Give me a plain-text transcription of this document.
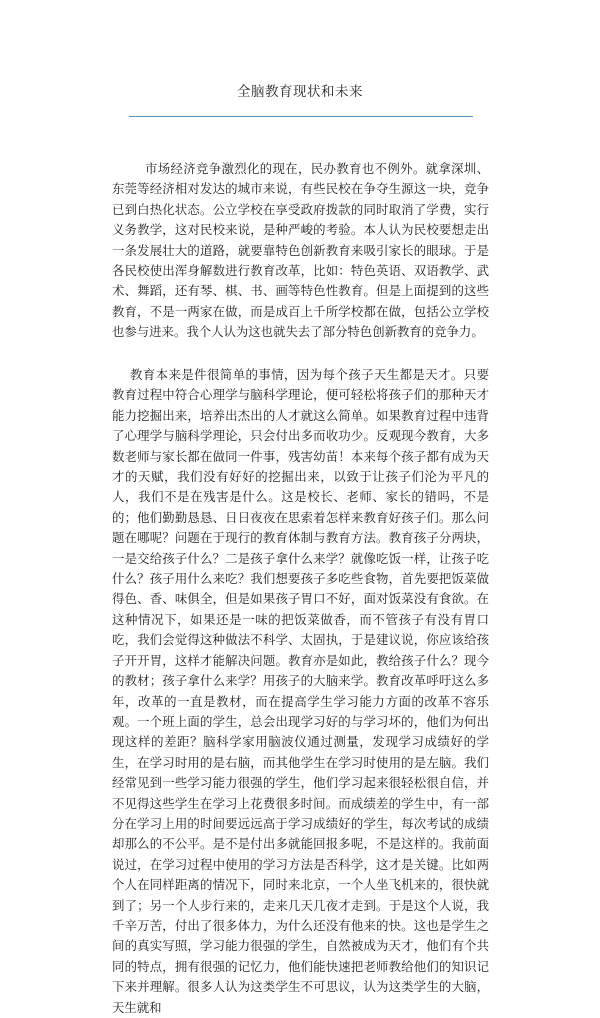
全脑教育现状和未来

市场经济竞争激烈化的现在，民办教育也不例外。就拿深圳、东莞等经济相对发达的城市来说，有些民校在争夺生源这一块，竞争已到白热化状态。公立学校在享受政府拨款的同时取消了学费，实行义务教学，这对民校来说，是种严峻的考验。本人认为民校要想走出一条发展壮大的道路，就要靠特色创新教育来吸引家长的眼球。于是各民校使出浑身解数进行教育改革，比如：特色英语、双语教学、武术、舞蹈，还有琴、棋、书、画等特色性教育。但是上面提到的这些教育，不是一两家在做，而是成百上千所学校都在做，包括公立学校也参与进来。我个人认为这也就失去了部分特色创新教育的竞争力。

教育本来是件很简单的事情，因为每个孩子天生都是天才。只要教育过程中符合心理学与脑科学理论，便可轻松将孩子们的那种天才能力挖掘出来，培养出杰出的人才就这么简单。如果教育过程中违背了心理学与脑科学理论，只会付出多而收功少。反观现今教育，大多数老师与家长都在做同一件事，残害幼苗！本来每个孩子都有成为天才的天赋，我们没有好好的挖掘出来，以致于让孩子们沦为平凡的人，我们不是在残害是什么。这是校长、老师、家长的错吗，不是的；他们勤勤恳恳、日日夜夜在思索着怎样来教育好孩子们。那么问题在哪呢？问题在于现行的教育体制与教育方法。教育孩子分两块，一是交给孩子什么？二是孩子拿什么来学？就像吃饭一样，让孩子吃什么？孩子用什么来吃？我们想要孩子多吃些食物，首先要把饭菜做得色、香、味俱全，但是如果孩子胃口不好，面对饭菜没有食欲。在这种情况下，如果还是一味的把饭菜做香，而不管孩子有没有胃口吃，我们会觉得这种做法不科学、太固执，于是建议说，你应该给孩子开开胃，这样才能解决问题。教育亦是如此，教给孩子什么？现今的教材；孩子拿什么来学？用孩子的大脑来学。教育改革呼吁这么多年，改革的一直是教材，而在提高学生学习能力方面的改革不容乐观。一个班上面的学生，总会出现学习好的与学习坏的，他们为何出现这样的差距？脑科学家用脑波仪通过测量，发现学习成绩好的学生，在学习时用的是右脑，而其他学生在学习时使用的是左脑。我们经常见到一些学习能力很强的学生，他们学习起来很轻松很自信，并不见得这些学生在学习上花费很多时间。而成绩差的学生中，有一部分在学习上用的时间要远远高于学习成绩好的学生，每次考试的成绩却那么的不公平。是不是付出多就能回报多呢，不是这样的。我前面说过，在学习过程中使用的学习方法是否科学，这才是关键。比如两个人在同样距离的情况下，同时来北京，一个人坐飞机来的，很快就到了；另一个人步行来的，走来几天几夜才走到。于是这个人说，我千辛万苦，付出了很多体力，为什么还没有他来的快。这也是学生之间的真实写照，学习能力很强的学生，自然被成为天才，他们有个共同的特点，拥有很强的记忆力，他们能快速把老师教给他们的知识记下来并理解。很多人认为这类学生不可思议，认为这类学生的大脑，天生就和
